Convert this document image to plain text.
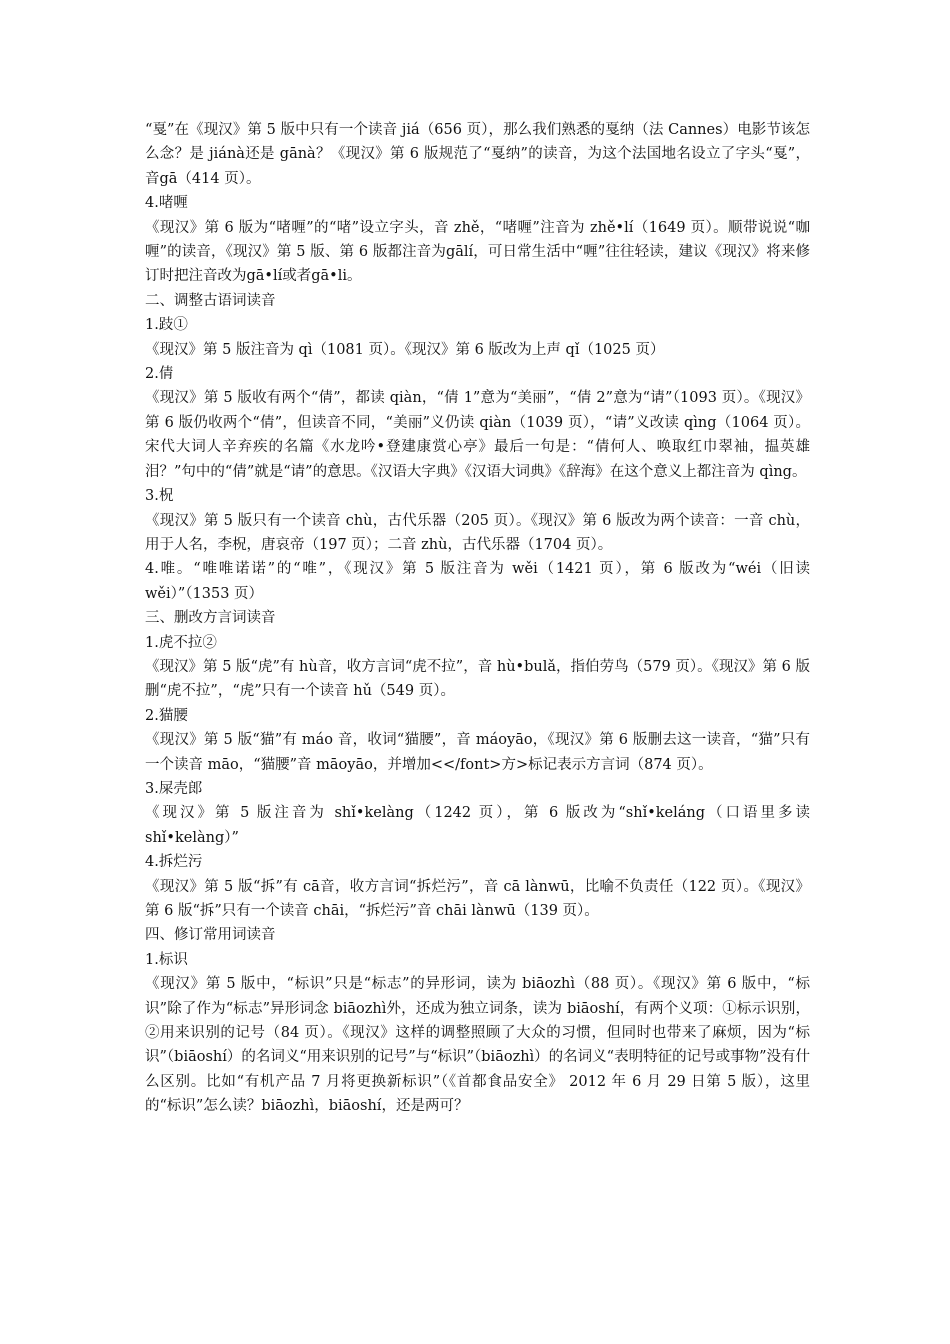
“戛”在《现汉》第 5 版中只有一个读音 jiá（656 页），那么我们熟悉的戛纳（法 Cannes）电影节该怎么念？是 jiánà还是 gānà？《现汉》第 6 版规范了“戛纳”的读音，为这个法国地名设立了字头“戛”，音gā（414 页）。

4.啫喱

《现汉》第 6 版为“啫喱”的“啫”设立字头，音 zhě，“啫喱”注音为 zhě•lí（1649 页）。顺带说说“咖喱”的读音，《现汉》第 5 版、第 6 版都注音为gālí，可日常生活中“喱”往往轻读，建议《现汉》将来修订时把注音改为gā•lí或者gā•li。

二、调整古语词读音

1.跂①

《现汉》第 5 版注音为 qì（1081 页）。《现汉》第 6 版改为上声 qǐ（1025 页）

2.倩

《现汉》第 5 版收有两个“倩”，都读 qiàn，“倩 1”意为“美丽”，“倩 2”意为“请”（1093 页）。《现汉》第 6 版仍收两个“倩”，但读音不同，“美丽”义仍读 qiàn（1039 页），“请”义改读 qìng（1064 页）。宋代大词人辛弃疾的名篇《水龙吟•登建康赏心亭》最后一句是：“倩何人、唤取红巾翠袖，揾英雄泪？”句中的“倩”就是“请”的意思。《汉语大字典》《汉语大词典》《辞海》在这个意义上都注音为 qìng。

3.柷

《现汉》第 5 版只有一个读音 chù，古代乐器（205 页）。《现汉》第 6 版改为两个读音：一音 chù，用于人名，李柷，唐哀帝（197 页）；二音 zhù，古代乐器（1704 页）。

4.唯。“唯唯诺诺”的“唯”，《现汉》第 5 版注音为 wěi（1421 页），第 6 版改为“wéi（旧读 wěi）”（1353 页）

三、删改方言词读音

1.虎不拉②

《现汉》第 5 版“虎”有 hù音，收方言词“虎不拉”，音 hù•bulǎ，指伯劳鸟（579 页）。《现汉》第 6 版删“虎不拉”，“虎”只有一个读音 hǔ（549 页）。

2.猫腰

《现汉》第 5 版“猫”有 máo 音，收词“猫腰”，音 máoyāo，《现汉》第 6 版删去这一读音，“猫”只有一个读音 māo，“猫腰”音 māoyāo，并增加<</font>方>标记表示方言词（874 页）。

3.屎壳郎

《现汉》第 5 版注音为 shǐ•kelàng（1242 页），第 6 版改为“shǐ•keláng（口语里多读 shǐ•kelàng）”

4.拆烂污

《现汉》第 5 版“拆”有 cā音，收方言词“拆烂污”，音 cā lànwū，比喻不负责任（122 页）。《现汉》第 6 版“拆”只有一个读音 chāi，“拆烂污”音 chāi lànwū（139 页）。

四、修订常用词读音

1.标识

《现汉》第 5 版中，“标识”只是“标志”的异形词，读为 biāozhì（88 页）。《现汉》第 6 版中，“标识”除了作为“标志”异形词念 biāozhì外，还成为独立词条，读为 biāoshí，有两个义项：①标示识别，②用来识别的记号（84 页）。《现汉》这样的调整照顾了大众的习惯，但同时也带来了麻烦，因为“标识”（biāoshí）的名词义“用来识别的记号”与“标识”（biāozhì）的名词义“表明特征的记号或事物”没有什么区别。比如“有机产品 7 月将更换新标识”（《首都食品安全》 2012 年 6 月 29 日第 5 版），这里的“标识”怎么读？biāozhì，biāoshí，还是两可？
